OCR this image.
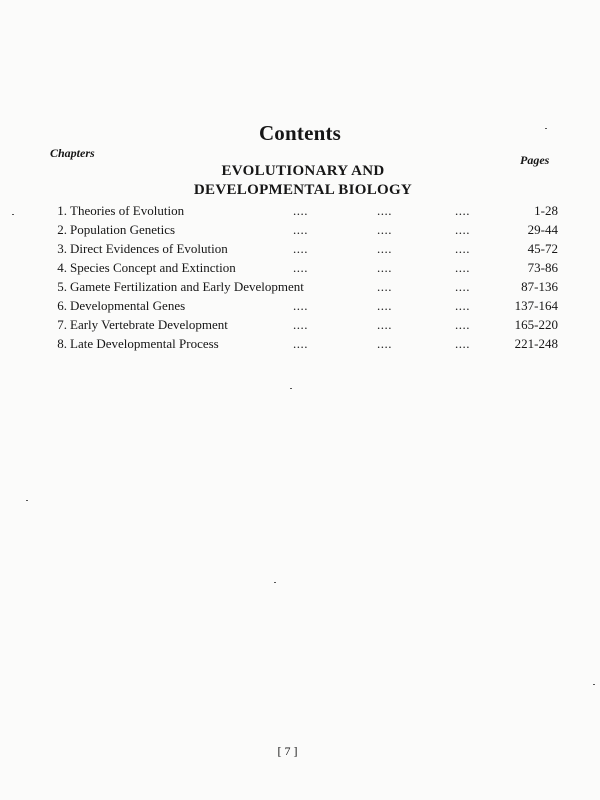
Contents
Chapters	Pages
EVOLUTIONARY AND
DEVELOPMENTAL BIOLOGY
1. Theories of Evolution	....	....	....	1-28
2. Population Genetics	....	....	....	29-44
3. Direct Evidences of Evolution	....	....	....	45-72
4. Species Concept and Extinction	....	....	....	73-86
5. Gamete Fertilization and Early Development	....	....	87-136
6. Developmental Genes	....	....	....	137-164
7. Early Vertebrate Development	....	....	....	165-220
8. Late Developmental Process	....	....	....	221-248
[ 7 ]
